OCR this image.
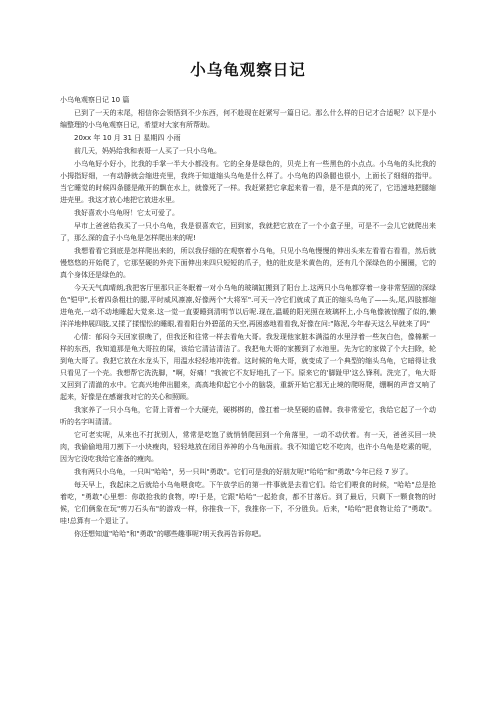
小乌龟观察日记
小乌龟观察日记 10 篇

已到了一天的末尾，相信你会领悟到不少东西，何不趁现在赶紧写一篇日记。那么什么样的日记才合适呢？以下是小编整理的小乌龟观察日记，希望对大家有所帮助。

20xx 年 10 月 31 日 星期四 小雨

前几天，妈妈给我和表哥一人买了一只小乌龟。

小乌龟好小好小，比我的手掌一半大小都没有。它的全身是绿色的，贝壳上有一些黑色的小点点。小乌龟的头比我的小拇指好细，一有动静就会缩进壳里，我终于知道缩头乌龟是什么样了。小乌龟的四条腿也很小，上面长了细细的指甲。当它睡觉的时候四条腿是敞开的飘在水上，就像死了一样。我赶紧把它拿起来看一看，是不是真的死了，它迅速地把腿缩进壳里。我这才放心地把它放进水里。

我好喜欢小乌龟呀！它太可爱了。

早市上爸爸给我买了一只小乌龟，我是很喜欢它，回到家，我就把它放在了一个小盒子里，可是不一会儿它就爬出来了，那么深的盒子小乌龟是怎样爬出来的呢!

我想看看它到底是怎样爬出来的，所以我仔细的在观察着小乌龟，只见小乌龟慢慢的伸出头来左看看右看看，然后就慢悠悠的开始爬了，它那坚硬的外壳下面伸出来四只短短的爪子，他的肚皮是米黄色的，还有几个深绿色的小圈圈，它的真个身体还是绿色的。

今天天气真晴朗,我把客厅里那只正冬眠着一对小乌龟的玻璃缸搬到了阳台上.这两只小乌龟都穿着一身非常坚固的深绿色"铠甲",长着四条粗壮的腿,平时威风凛凛,好像两个"大将军".可天一冷它们就成了真正的缩头乌龟了——头,尾,四肢都缩进龟壳,一动不动地睡起大觉来.这一觉一直要睡到清明节以后呢.现在,温暖的阳光照在玻璃杯上,小乌龟像被惊醒了似的,懒洋洋地伸展四肢,又揉了揉惺忪的睡眼,看看阳台外碧蓝的天空,再困惑地看看我,好像在问:"陈泥,今年春天这么早就来了吗"

心情：郁闷今天回家很晚了，但我还和往常一样去看龟大哥。我发现他家脏本满溢的水里浮着一些灰白色，像棉絮一样的东西，我知道那是龟大哥拉的屎，该给它清洁清洁了。我把龟大哥的家搬到了水池里。先为它的家做了个大扫除，轮到龟大哥了。我把它放在水龙头下，用温水轻轻地冲洗着。这时候的龟大哥，就变成了一个典型的缩头乌龟，它暗得让我只看见了一个壳。我想帮它洗洗脚，"啊，好痛！"我被它不友好地扎了一下。原来它的'脚趾甲'这么锋利。洗完了，龟大哥又回到了清澈的水中。它高兴地伸出腿来，高高地仰起它小小的脑袋，重新开始它那无止境的爬呀爬，绷啊的声音又响了起来，好像是在感谢我对它的关心和照顾。

我家养了一只小乌龟，它背上背着一个大硬壳，硬梆梆的，像扛着一块坚硬的盾牌。我非常爱它，我给它起了一个动听的名字叫清清。

它可老实呢，从来也不打扰别人，常常是吃饱了就悄悄爬回到一个角落里，一动不动伏着。有一天，爸爸买回一块肉，我偷偷地用刀割下一小块瘦肉，轻轻地放在闭目养神的小乌龟面前。我不知道它吃不吃肉，也许小乌龟是吃素的呢，因为它没吃我给它准备的瘦肉。

我有两只小乌龟，一只叫"哈哈"，另一只叫"勇敢"。它们可是我的好朋友呢!"哈哈"和"勇敢"今年已经 7 岁了。

每天早上，我起床之后就给小乌龟喂食吃。下午放学后的第一件事就是去看它们。给它们喂食的时候，"哈哈"总是抢着吃，"勇敢"心里想：你敢抢我的食物，哼!于是，它跟"哈哈"一起抢食，都不甘落后。到了最后，只剩下一颗食物的时候，它们俩象在玩"剪刀石头布"的游戏一样，你推我一下，我推你一下，不分胜负。后来，"哈哈"把食物让给了"勇敢"。哇!总算有一个退让了。

你还想知道"哈哈"和"勇敢"的哪些趣事呢?明天我再告诉你吧。
